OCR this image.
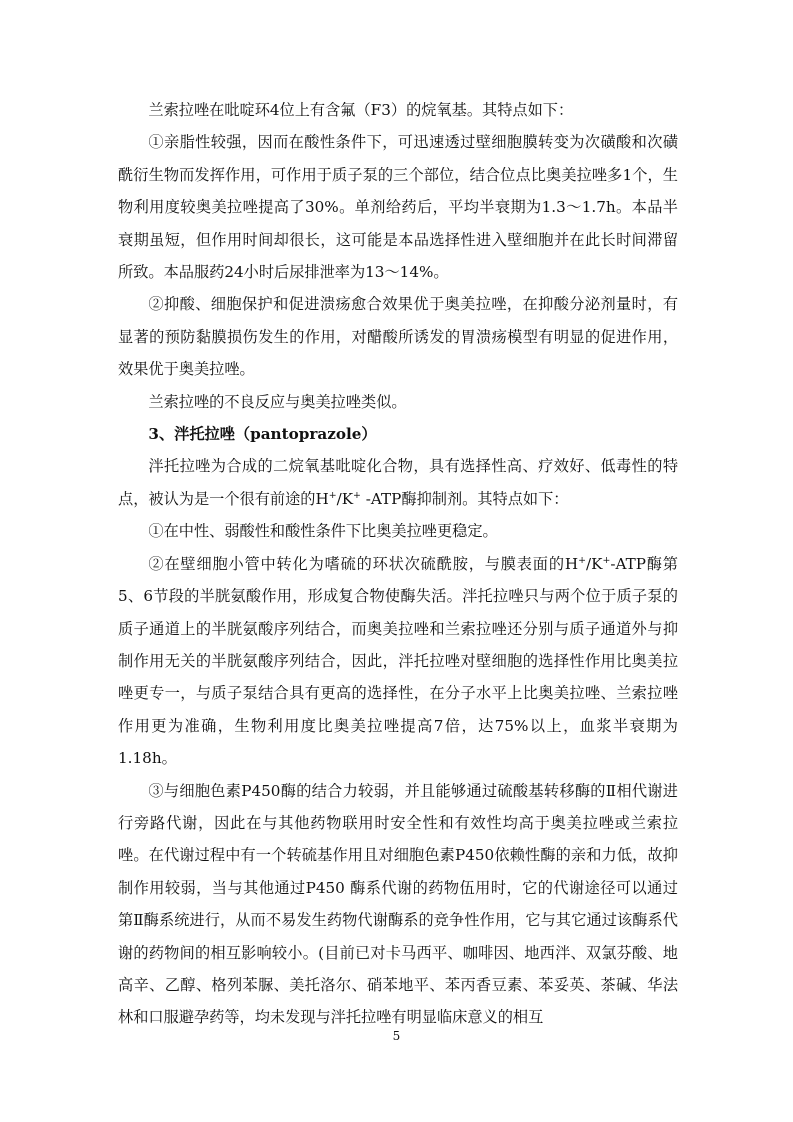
兰索拉唑在吡啶环4位上有含氟（F3）的烷氧基。其特点如下：

①亲脂性较强，因而在酸性条件下，可迅速透过壁细胞膜转变为次磺酸和次磺酰衍生物而发挥作用，可作用于质子泵的三个部位，结合位点比奥美拉唑多1个，生物利用度较奥美拉唑提高了30%。单剂给药后，平均半衰期为1.3～1.7h。本品半衰期虽短，但作用时间却很长，这可能是本品选择性进入壁细胞并在此长时间滞留所致。本品服药24小时后尿排泄率为13～14%。

②抑酸、细胞保护和促进溃疡愈合效果优于奥美拉唑，在抑酸分泌剂量时，有显著的预防黏膜损伤发生的作用，对醋酸所诱发的胃溃疡模型有明显的促进作用，效果优于奥美拉唑。

兰索拉唑的不良反应与奥美拉唑类似。

3、泮托拉唑（pantoprazole）

泮托拉唑为合成的二烷氧基吡啶化合物，具有选择性高、疗效好、低毒性的特点，被认为是一个很有前途的H+/K+ -ATP酶抑制剂。其特点如下：

①在中性、弱酸性和酸性条件下比奥美拉唑更稳定。

②在壁细胞小管中转化为嗜硫的环状次硫酰胺，与膜表面的H+/K+-ATP酶第5、6节段的半胱氨酸作用，形成复合物使酶失活。泮托拉唑只与两个位于质子泵的质子通道上的半胱氨酸序列结合，而奥美拉唑和兰索拉唑还分别与质子通道外与抑制作用无关的半胱氨酸序列结合，因此，泮托拉唑对壁细胞的选择性作用比奥美拉唑更专一，与质子泵结合具有更高的选择性，在分子水平上比奥美拉唑、兰索拉唑作用更为准确，生物利用度比奥美拉唑提高7倍，达75%以上，血浆半衰期为1.18h。

③与细胞色素P450酶的结合力较弱，并且能够通过硫酸基转移酶的Ⅱ相代谢进行旁路代谢，因此在与其他药物联用时安全性和有效性均高于奥美拉唑或兰索拉唑。在代谢过程中有一个转硫基作用且对细胞色素P450依赖性酶的亲和力低，故抑制作用较弱，当与其他通过P450 酶系代谢的药物伍用时，它的代谢途径可以通过第Ⅱ酶系统进行，从而不易发生药物代谢酶系的竞争性作用，它与其它通过该酶系代谢的药物间的相互影响较小。(目前已对卡马西平、咖啡因、地西泮、双氯芬酸、地高辛、乙醇、格列苯脲、美托洛尔、硝苯地平、苯丙香豆素、苯妥英、茶碱、华法林和口服避孕药等，均未发现与泮托拉唑有明显临床意义的相互

5
